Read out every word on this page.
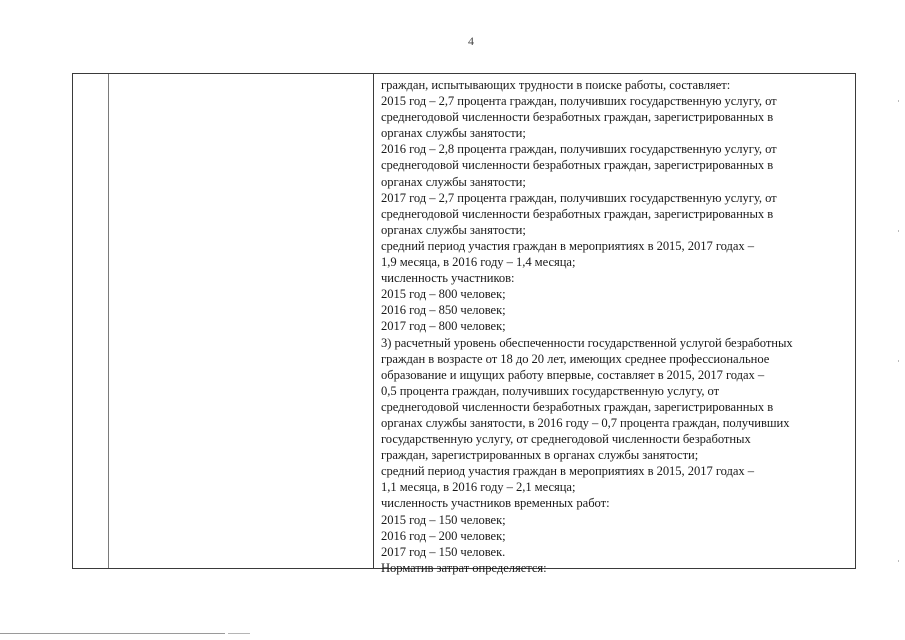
4
граждан, испытывающих трудности в поиске работы, составляет:
2015 год – 2,7 процента граждан, получивших государственную услугу, от
среднегодовой численности безработных граждан, зарегистрированных в
органах службы занятости;
2016 год – 2,8 процента граждан, получивших государственную услугу, от
среднегодовой численности безработных граждан, зарегистрированных в
органах службы занятости;
2017 год – 2,7 процента граждан, получивших государственную услугу, от
среднегодовой численности безработных граждан, зарегистрированных в
органах службы занятости;
средний период участия граждан в мероприятиях в 2015, 2017 годах –
1,9 месяца, в 2016 году – 1,4 месяца;
численность участников:
2015 год – 800 человек;
2016 год – 850 человек;
2017 год – 800 человек;
3) расчетный уровень обеспеченности государственной услугой безработных
граждан в возрасте от 18 до 20 лет, имеющих среднее профессиональное
образование и ищущих работу впервые, составляет в 2015, 2017 годах –
0,5 процента граждан, получивших государственную услугу, от
среднегодовой численности безработных граждан, зарегистрированных в
органах службы занятости, в 2016 году – 0,7 процента граждан, получивших
государственную услугу, от среднегодовой численности безработных
граждан, зарегистрированных в органах службы занятости;
средний период участия граждан в мероприятиях в 2015, 2017 годах –
1,1 месяца, в 2016 году – 2,1 месяца;
численность участников временных работ:
2015 год – 150 человек;
2016 год – 200 человек;
2017 год – 150 человек.
Норматив затрат определяется:
